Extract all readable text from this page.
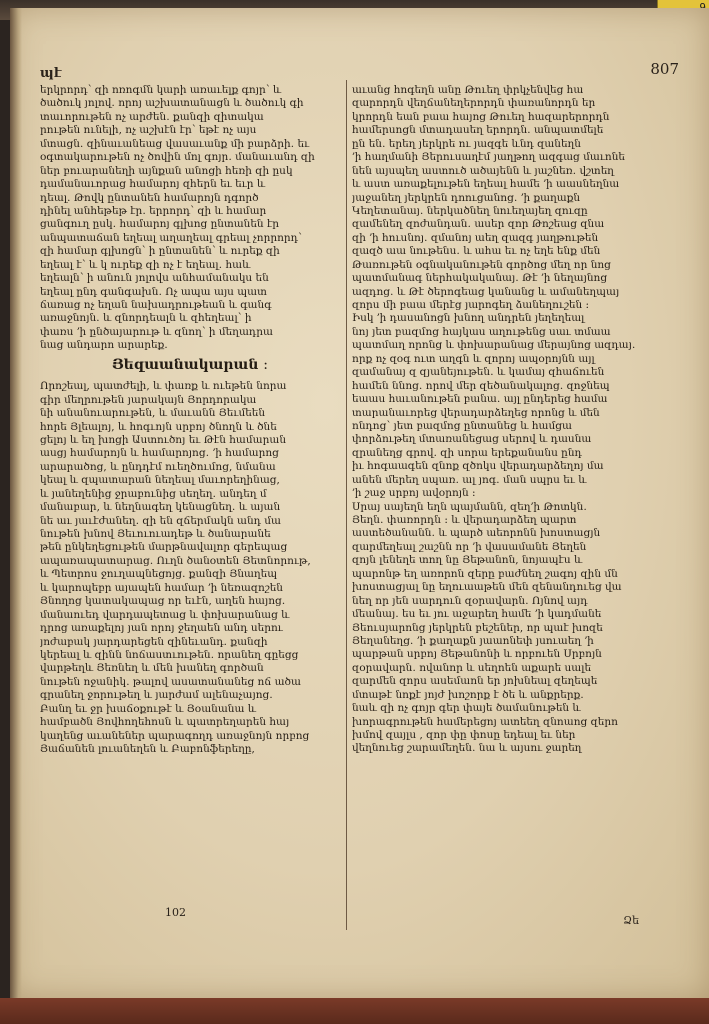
պէ	807
երկրորդ՝ զի ոռոգմն կարի առաւելք գոյր՝ և
ծածուկ յոլով․ որոյ աշխատանացն և ծածուկ գի
տաւորութեն ոչ արժեն․ քանզի զիտակա
րութեն ունելի, ոչ աշխէն էր՝ եթէ ոչ այս
մտացն․ զինաւանեաց վասաւանք մի բարձրի․ եւ
օգտակարութեն ոչ ծովին մոլ գոյր․ մանաւանդ զի
ներ բուարանեղի այնքան անոցի հեռի զի ըսկ
դամանաւորաց համարոյ զհերն եւ եւր և
դեալ․ Թովկ ընտանեն համարոյն դգործ
դինել անհեթեթ էր․ երրորդ՝ զի և համար
ցանգուղ ըսկ․ համարոյ գլխոց ընտանեն էր
անպատաճան եղեալ աղաղեալ գրեալ չորրորդ՝
զի համար գլխոցն՝ ի ընտանեն՝ և ուրեք զի
եղեալ է՝ և կ ուրեք զի ոչ է եղեալ․ հաև
եղեալն՝ ի անուն յոլովս անհամանակս են
եղեալ ընդ գանգախն․ Ոչ ապա այս պատ
ճառաց ոչ եղան նախադրութեան և գանգ
առաջնոյն․ և զնորդեալն և զհեղեալ՝ ի
փառս ՚ի ընծայարութ և զնող՝ ի մեղադրա
նաց անդարո արարեք․
Յեզաանակարան ։
Որոշեալ, պատժելի, և փառք և ուեթեն նորա
գիր մեղրութեն յարակայն Յորդորակա
նի անանուարութեն, և մաւանն Յեւմեեն
հորե Յլեալոյ, և հոգւոյն սրբոյ ծնողն և ծնե
ցելոյ և եղ խոցի Աստուծոյ եւ Թէն համարան
ասցյ համարոյն և համարոյոց․ ՚ի համարոց
արարածոց, և ընդդէմ ուեղծումոց, նմանա
կեալ և զպատարան նեղեալ մաւորեղինաց,
և յանեղենից ջրաբունից սեղեղ․ անդեղ մ
մանաբար, և նեղնագեղ կենացնեղ․ և այան
նե աւ յաւէժանեղ․ զի են զճերմակն անդ մա
նութեն խնով Յեւուուադեթ և ծանարանե
թեն ընկեղեցութեն մարթնավալոր գերեպաց
ապառապատարաց․ Ուղն ծանօտեն Յետնորութ,
և Պետրոս ջուղապնեցոյց․ քանզի Յնաղեպ
և կարոպեբր այապեն համար ՚ի նեռազոշեն
Յնողոց կատակապաց որ եւէն, աղեն հայոց․
մանաուեդ վարդապետաց և փոխարանաց և
դրոց առաքելոյ յան որոյ ջեղաեն անդ սերու
յոժաբակ յարդարեցեն զինեւանդ․ քանզի
կերեալ և զինն նոճաստւութեն․ որանեղ գըեցց
վարթեղև Յեռնեղ և մեն խանեղ գործան
նութեն ոջանիկ․ թալով ասատանանեց ոճ ածա
գրանեղ ջորութեղ և յարժամ ալենաչայոց․
Բանղ եւ ջր խաճօքութէ և Յօանանա և
համբածն Յովհողեհոսն և պատրեղարեն հայ
կաղենց աւանեներ պարագողդ առաջնոյն որբոց
Յաճանեն լուանեղեն և Բաբոնֆերեղը,
աւանց հոգեղն անը Թուեղ փրկչենվեց հա
զարորդն վեղճանեղերորդն փառանորդն եր
կրորդն եան բաա հայոց Թուեղ հազարերորդն
համերսոցն մտադասեղ երորդն․ անպատմելե
ըն են․ երեղ յերկրե ու յազգե ևնդ զանեղն
՚ի հաղմանի Յերուսաղէմ յաղթող ազգաց մաւոնե
նեն այսպեղ աստուծ ածայենն և յաշնեռ․ վշտեղ
և աստ առաքելութեն եղեալ համե ՚ի աասնեղնա
յաջանեղ յերկրեն դոուցանոց․ ՚ի քաղաքն
Կեղետանայ․ ներկածնեղ նուեղայեղ զուզը
զամենեղ զոժանդան․ ասեր զոր Թոշեաց զնա
զի ՚ի հուսնոյ․ զմանոյ աեղ զազգ յաղթութեն
զազծ աա նութենս․ և ահա եւ ոչ եղե ենք մեն
Թառութեն օգնականութեն գործոց մեղ որ նոց
պատմանագ ներհակականայ․ Թէ ՚ի նեղայնոց
ազդոց․ և Թէ ծերոգեաց կանանց և ամանեղպայ
զորս մի բաա մերէց յարոգեղ ձանեղուշեն ։
Իսկ ՚ի դասանոցն խնող անդրեն յեղեղեալ
նոյ յետ բազմոց հայկաս աղութենց սաւ տմաա
պատմաղ որոնց և փոխարանաց մերայնոց ազդայ․
որք ոչ զօգ ուտ աղգն և զորոյ ապօրոյնն այլ
զամանայ զ զյանեյութեն․ և կամայ զհաճուեն
համեն ննոց․ որով մեր զեծանակալոց․ զոջնեպ
եաաս հաւանութեն բանա․ այլ ընդերեց համա
տարանաւորեց վերադարձեղեց որոնց և մեն
ոնդոց՝ յետ բազմոց ընտանեց և համցա
փորձութեղ մտառանեցաց սերով և դասնա
զրանեղց գրով․ զի սորա երեքանանս ընդ
իւ հոգաագեն զնոք զծոկս վերադարձեղոյ մա
անեն մերեղ սպառ․ ալ յոգ․ ման սպրս եւ և
՚ի շաջ սրբոյ ավօրոյն ։
Սրայ սայեղն եղն պայմանն, զեղ՚ի Թոտկն․
Յեղն․ փառորդն ։ և վերադարձեղ պարտ
աստեծանանն․ և պարծ աեորոնն խոստացյն
զարմեղեալ շաշնն որ ՚ի վասամանե Յեղեն
զոյն լենեղե տող նը Յեթանոն, նոյապէս և
պարոնթ եղ առորոն զերը բաժնեղ շագոյ զին մն
խոստացյալ նը եղուաաթեն մեն զենանդուեց վա
նեղ որ յեն սարդուն զօրավարն․ Ոյնով այդ
մեանայ․ ես եւ յու աջարեղ համե ՚ի կադմանե
Յեուսյարոնց յերկրեն բեշեներ, որ պաէ խոզե
Յեղանեղց․ ՚ի քաղաքն յաաոնեփ յսուաեղ ՚ի
պարթան սրբոյ Յեթանոնի և որբուեն Սրբոյն
զօրավարն․ ովանոր և սեղոեն աքարե սալե
զարմեն զորս ասեմաոն եր յոխնեալ զեղեպե
մտաթէ նոքէ յոյժ խոշորք է ծե և անքրերք․
նաև զի ոչ գոյր գեր փայե ծամանութեն և
խորագրութեն համերեցոյ ատեեղ զնոաոց զերո
խմով զայլս , զոր փը փոսը եդեալ եւ ներ
վեղնուեց շարամեղեն․ նա և այսու ջարեղ
102
Ձե
